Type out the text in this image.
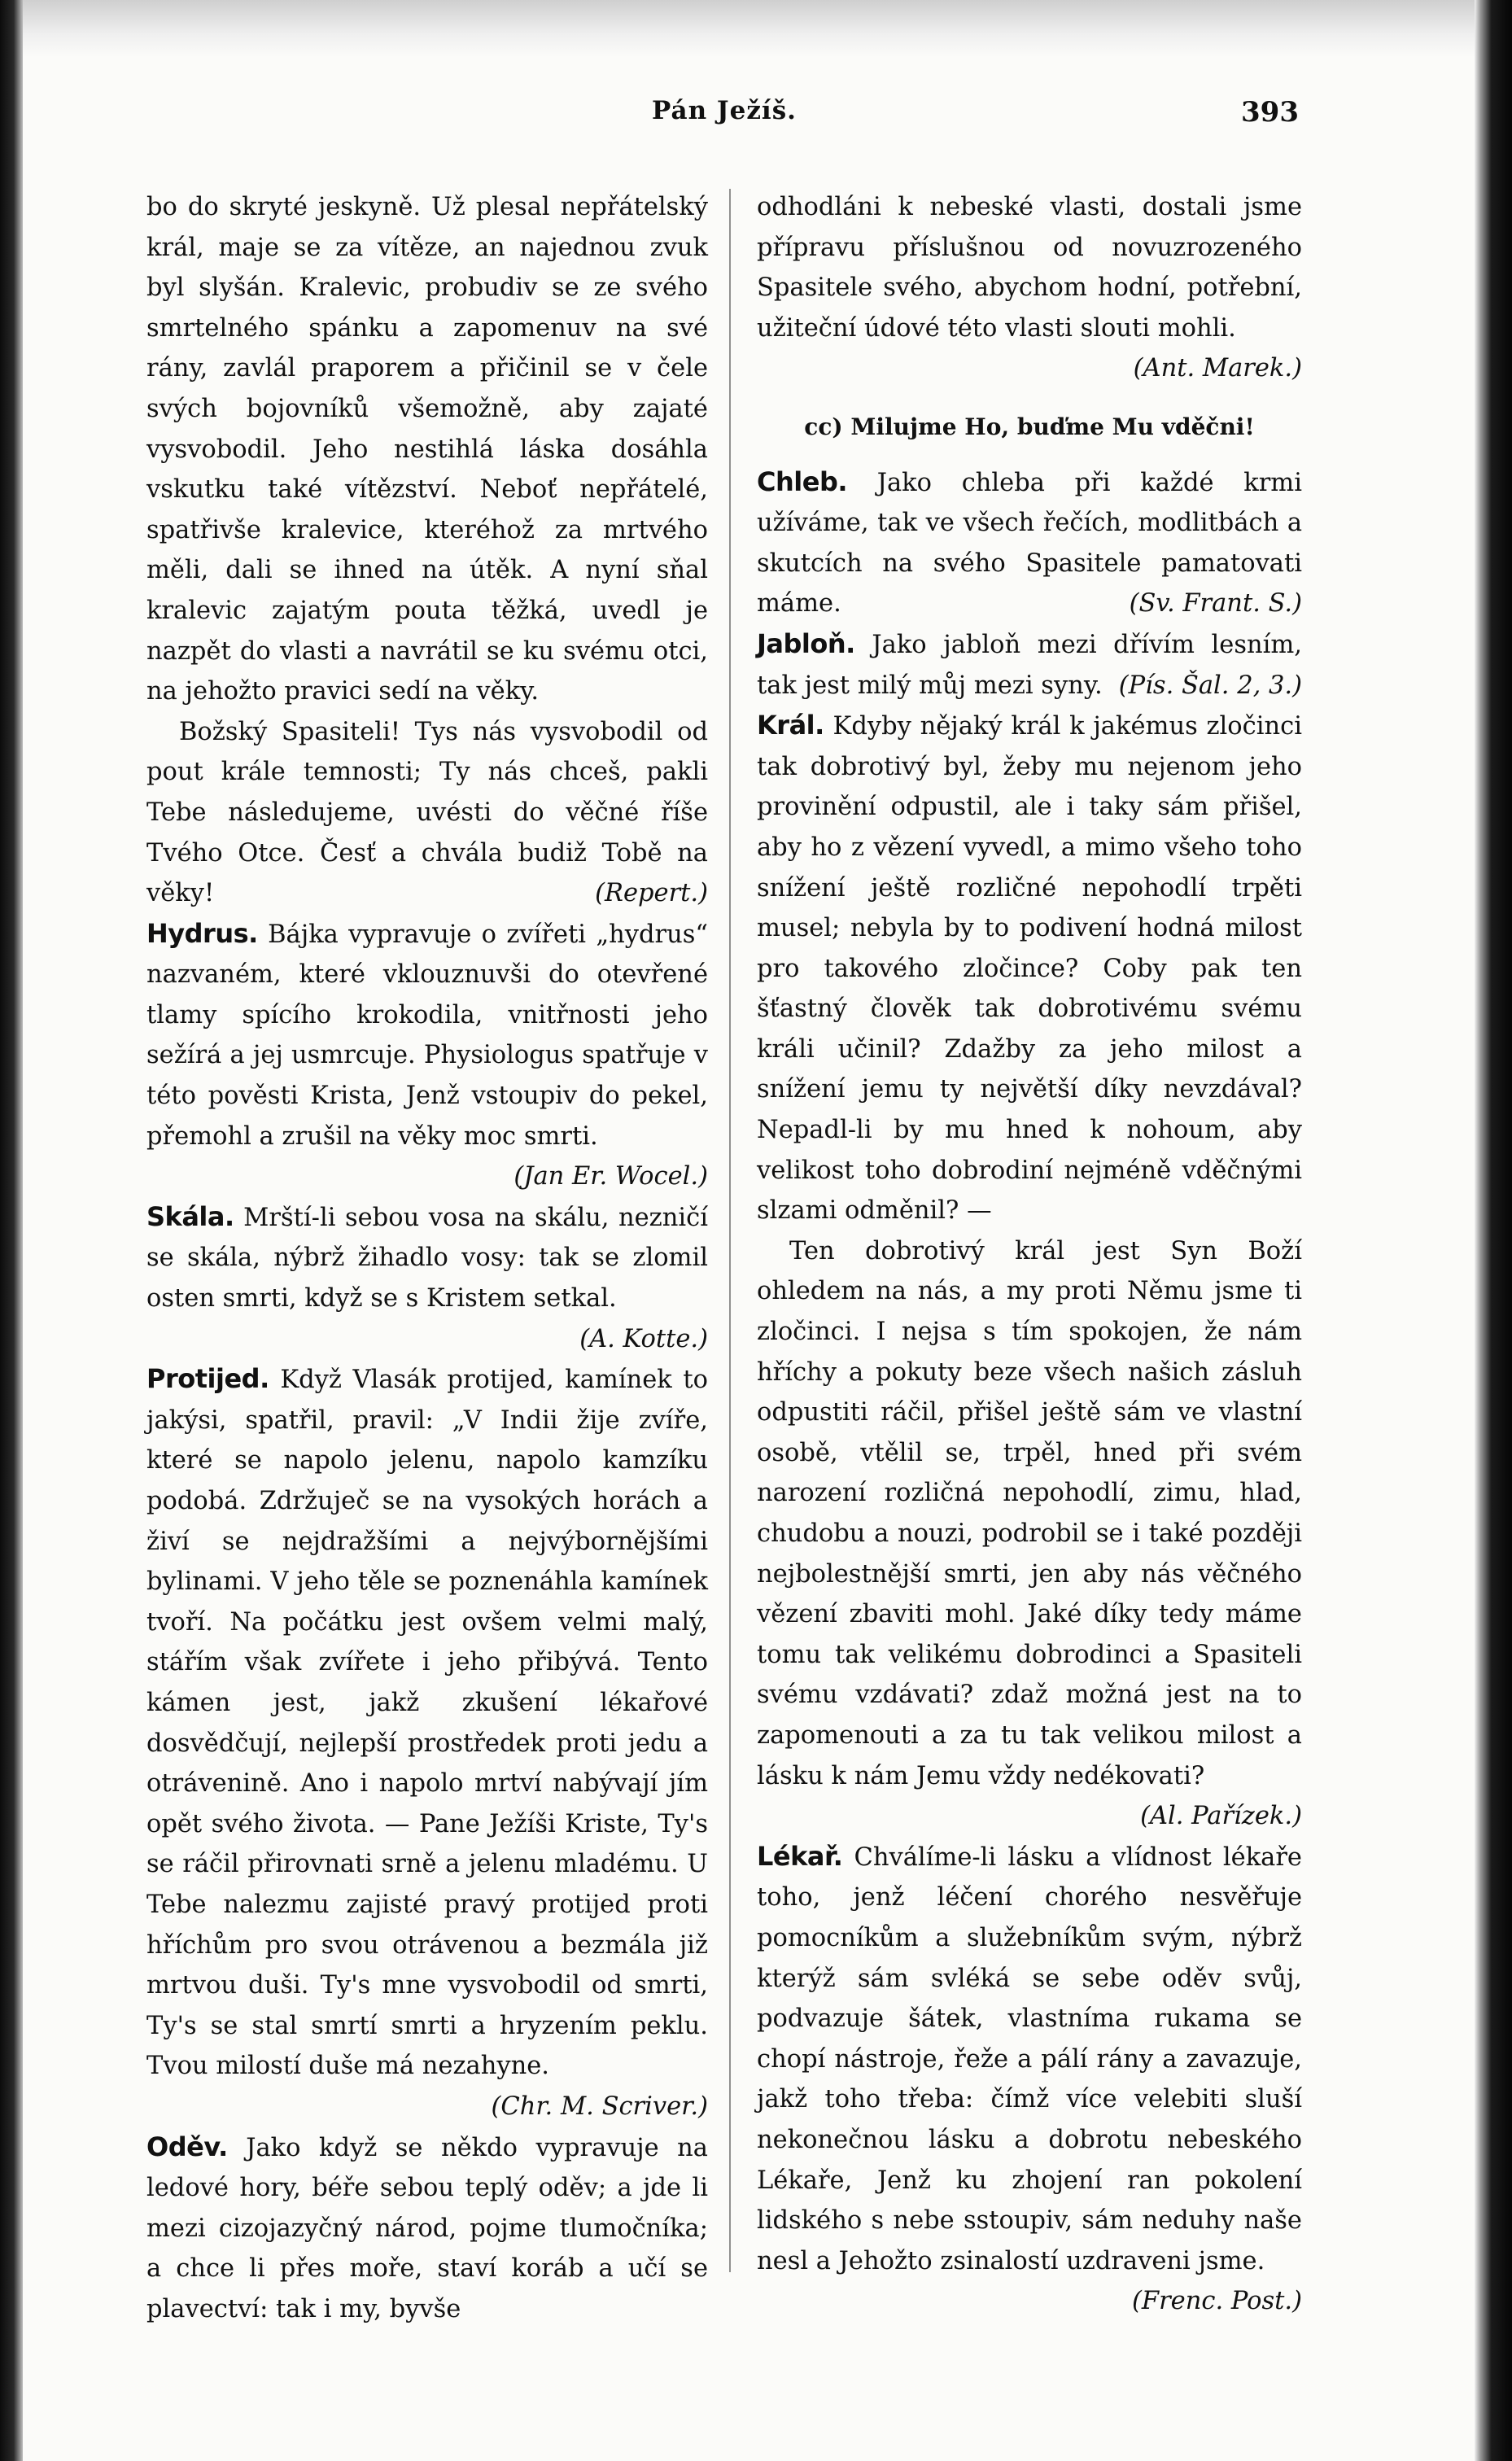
Pán Ježíš.	393

bo do skryté jeskyně. Už plesal nepřátelský král, maje se za vítěze, an najednou zvuk byl slyšán. Kralevic, probudiv se ze svého smrtelného spánku a zapomenuv na své rány, zavlál praporem a přičinil se v čele svých bojovníků všemožně, aby zajaté vysvobodil. Jeho nestihlá láska dosáhla vskutku také vítězství. Neboť nepřátelé, spatřivše kralevice, kteréhož za mrtvého měli, dali se ihned na útěk. A nyní sňal kralevic zajatým pouta těžká, uvedl je nazpět do vlasti a navrátil se ku svému otci, na jehožto pravici sedí na věky.

Božský Spasiteli! Tys nás vysvobodil od pout krále temnosti; Ty nás chceš, pakli Tebe následujeme, uvésti do věčné říše Tvého Otce. Česť a chvála budiž Tobě na věky!	(Repert.)

Hydrus. Bájka vypravuje o zvířeti „hydrus“ nazvaném, které vklouznuvši do otevřené tlamy spícího krokodila, vnitřnosti jeho sežírá a jej usmrcuje. Physiologus spatřuje v této pověsti Krista, Jenž vstoupiv do pekel, přemohl a zrušil na věky moc smrti.
(Jan Er. Wocel.)

Skála. Mrští-li sebou vosa na skálu, nezničí se skála, nýbrž žihadlo vosy: tak se zlomil osten smrti, když se s Kristem setkal.
(A. Kotte.)

Protijed. Když Vlasák protijed, kamínek to jakýsi, spatřil, pravil: „V Indii žije zvíře, které se napolo jelenu, napolo kamzíku podobá. Zdržuječ se na vysokých horách a živí se nejdražšími a nejvýbornějšími bylinami. V jeho těle se poznenáhla kamínek tvoří. Na počátku jest ovšem velmi malý, stářím však zvířete i jeho přibývá. Tento kámen jest, jakž zkušení lékařové dosvědčují, nejlepší prostředek proti jedu a otrávenině. Ano i napolo mrtví nabývají jím opět svého života. — Pane Ježíši Kriste, Ty's se ráčil přirovnati srně a jelenu mladému. U Tebe nalezmu zajisté pravý protijed proti hříchům pro svou otrávenou a bezmála již mrtvou duši. Ty's mne vysvobodil od smrti, Ty's se stal smrtí smrti a hryzením peklu. Tvou milostí duše má nezahyne.
(Chr. M. Scriver.)

Oděv. Jako když se někdo vypravuje na ledové hory, béře sebou teplý oděv; a jde li mezi cizojazyčný národ, pojme tlumočníka; a chce li přes moře, staví koráb a učí se plavectví: tak i my, byvše

odhodláni k nebeské vlasti, dostali jsme přípravu příslušnou od novuzrozeného Spasitele svého, abychom hodní, potřební, užiteční údové této vlasti slouti mohli.
(Ant. Marek.)

cc) Milujme Ho, buďme Mu vděčni!

Chleb. Jako chleba při každé krmi užíváme, tak ve všech řečích, modlitbách a skutcích na svého Spasitele pamatovati máme.	(Sv. Frant. S.)

Jabloň. Jako jabloň mezi dřívím lesním, tak jest milý můj mezi syny. (Pís. Šal. 2, 3.)

Král. Kdyby nějaký král k jakémus zločinci tak dobrotivý byl, žeby mu nejenom jeho provinění odpustil, ale i taky sám přišel, aby ho z vězení vyvedl, a mimo všeho toho snížení ještě rozličné nepohodlí trpěti musel; nebyla by to podivení hodná milost pro takového zločince? Coby pak ten šťastný člověk tak dobrotivému svému králi učinil? Zdažby za jeho milost a snížení jemu ty největší díky nevzdával? Nepadl-li by mu hned k nohoum, aby velikost toho dobrodiní nejméně vděčnými slzami odměnil? —

Ten dobrotivý král jest Syn Boží ohledem na nás, a my proti Němu jsme ti zločinci. I nejsa s tím spokojen, že nám hříchy a pokuty beze všech našich zásluh odpustiti ráčil, přišel ještě sám ve vlastní osobě, vtělil se, trpěl, hned při svém narození rozličná nepohodlí, zimu, hlad, chudobu a nouzi, podrobil se i také později nejbolestnější smrti, jen aby nás věčného vězení zbaviti mohl. Jaké díky tedy máme tomu tak velikému dobrodinci a Spasiteli svému vzdávati? zdaž možná jest na to zapomenouti a za tu tak velikou milost a lásku k nám Jemu vždy nedékovati?
(Al. Pařízek.)

Lékař. Chválíme-li lásku a vlídnost lékaře toho, jenž léčení chorého nesvěřuje pomocníkům a služebníkům svým, nýbrž kterýž sám svléká se sebe oděv svůj, podvazuje šátek, vlastníma rukama se chopí nástroje, řeže a pálí rány a zavazuje, jakž toho třeba: čímž více velebiti sluší nekonečnou lásku a dobrotu nebeského Lékaře, Jenž ku zhojení ran pokolení lidského s nebe sstoupiv, sám neduhy naše nesl a Jehožto zsinalostí uzdraveni jsme.
(Frenc. Post.)
